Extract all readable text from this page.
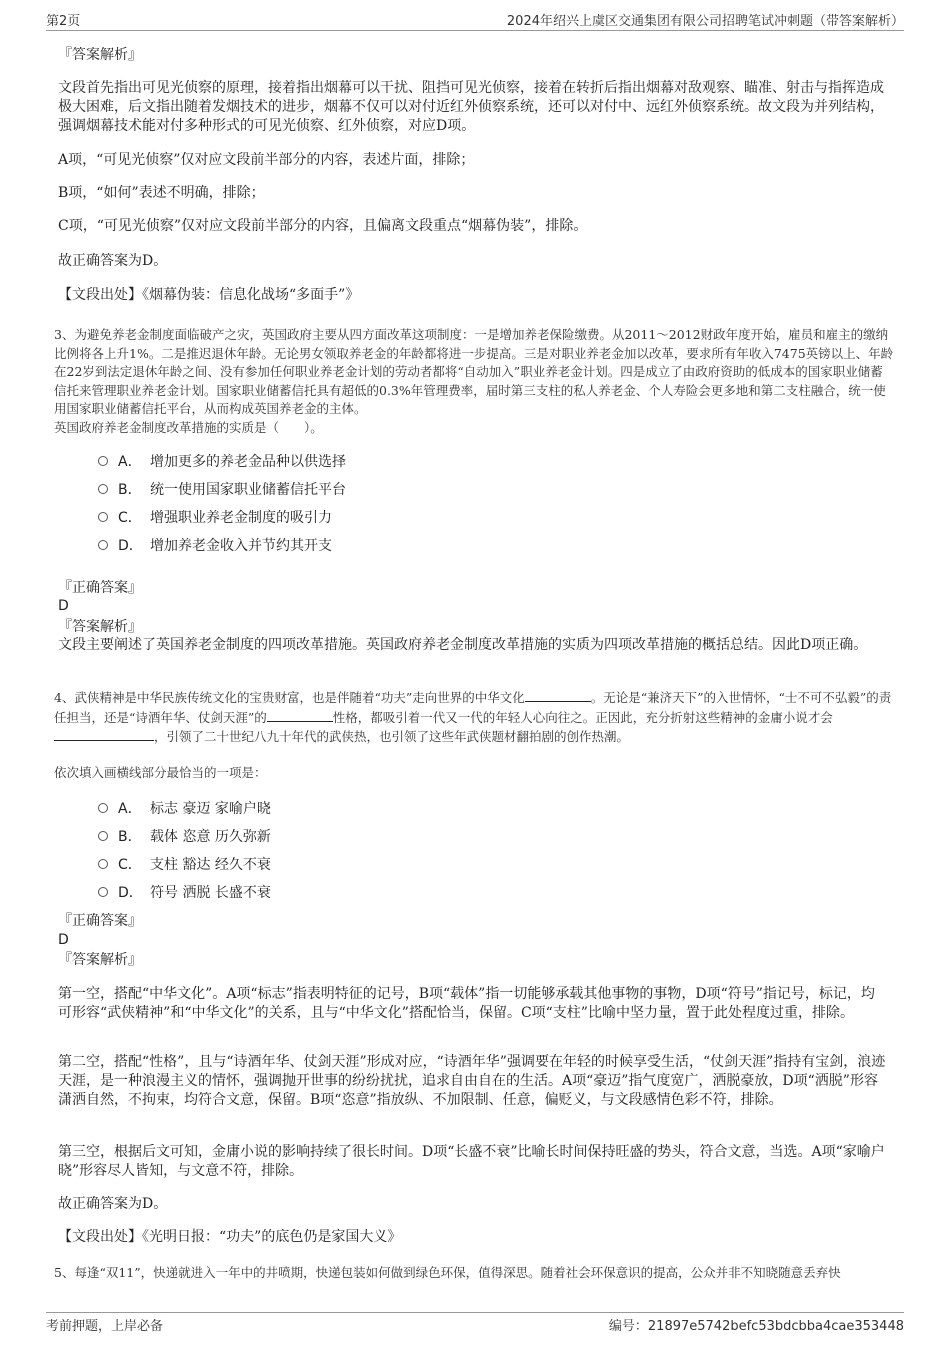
第2页	2024年绍兴上虞区交通集团有限公司招聘笔试冲刺题（带答案解析）

『答案解析』

文段首先指出可见光侦察的原理，接着指出烟幕可以干扰、阻挡可见光侦察，接着在转折后指出烟幕对敌观察、瞄准、射击与指挥造成极大困难，后文指出随着发烟技术的进步，烟幕不仅可以对付近红外侦察系统，还可以对付中、远红外侦察系统。故文段为并列结构，强调烟幕技术能对付多种形式的可见光侦察、红外侦察，对应D项。

A项，“可见光侦察”仅对应文段前半部分的内容，表述片面，排除；

B项，“如何”表述不明确，排除；

C项，“可见光侦察”仅对应文段前半部分的内容，且偏离文段重点“烟幕伪装”，排除。

故正确答案为D。

【文段出处】《烟幕伪装：信息化战场“多面手”》

3、为避免养老金制度面临破产之灾，英国政府主要从四方面改革这项制度：一是增加养老保险缴费。从2011～2012财政年度开始，雇员和雇主的缴纳比例将各上升1%。二是推迟退休年龄。无论男女领取养老金的年龄都将进一步提高。三是对职业养老金加以改革，要求所有年收入7475英镑以上、年龄在22岁到法定退休年龄之间、没有参加任何职业养老金计划的劳动者都将“自动加入”职业养老金计划。四是成立了由政府资助的低成本的国家职业储蓄信托来管理职业养老金计划。国家职业储蓄信托具有超低的0.3%年管理费率，届时第三支柱的私人养老金、个人寿险会更多地和第二支柱融合，统一使用国家职业储蓄信托平台，从而构成英国养老金的主体。

英国政府养老金制度改革措施的实质是（　　）。

A． 增加更多的养老金品种以供选择
B． 统一使用国家职业储蓄信托平台
C． 增强职业养老金制度的吸引力
D． 增加养老金收入并节约其开支

『正确答案』

D

『答案解析』

文段主要阐述了英国养老金制度的四项改革措施。英国政府养老金制度改革措施的实质为四项改革措施的概括总结。因此D项正确。

4、武侠精神是中华民族传统文化的宝贵财富，也是伴随着“功夫”走向世界的中华文化	。无论是“兼济天下”的入世情怀，“士不可不弘毅”的责任担当，还是“诗酒年华、仗剑天涯”的	性格，都吸引着一代又一代的年轻人心向往之。正因此，充分折射这些精神的金庸小说才会，引领了二十世纪八九十年代的武侠热，也引领了这些年武侠题材翻拍剧的创作热潮。

依次填入画横线部分最恰当的一项是：

A． 标志 豪迈 家喻户晓
B． 载体 恣意 历久弥新
C． 支柱 豁达 经久不衰
D． 符号 洒脱 长盛不衰

『正确答案』

D

『答案解析』

第一空，搭配“中华文化”。A项“标志”指表明特征的记号，B项“载体”指一切能够承载其他事物的事物，D项“符号”指记号，标记，均可形容“武侠精神”和“中华文化”的关系，且与“中华文化”搭配恰当，保留。C项“支柱”比喻中坚力量，置于此处程度过重，排除。

第二空，搭配“性格”，且与“诗酒年华、仗剑天涯”形成对应，“诗酒年华”强调要在年轻的时候享受生活，“仗剑天涯”指持有宝剑，浪迹天涯，是一种浪漫主义的情怀，强调抛开世事的纷纷扰扰，追求自由自在的生活。A项“豪迈”指气度宽广，洒脱豪放，D项“洒脱”形容潇洒自然，不拘束，均符合文意，保留。B项“恣意”指放纵、不加限制、任意，偏贬义，与文段感情色彩不符，排除。

第三空，根据后文可知，金庸小说的影响持续了很长时间。D项“长盛不衰”比喻长时间保持旺盛的势头，符合文意，当选。A项“家喻户晓”形容尽人皆知，与文意不符，排除。

故正确答案为D。

【文段出处】《光明日报：“功夫”的底色仍是家国大义》

5、每逢“双11”，快递就进入一年中的井喷期，快递包装如何做到绿色环保，值得深思。随着社会环保意识的提高，公众并非不知晓随意丢弃快

考前押题，上岸必备	编号：21897e5742befc53bdcbba4cae353448
